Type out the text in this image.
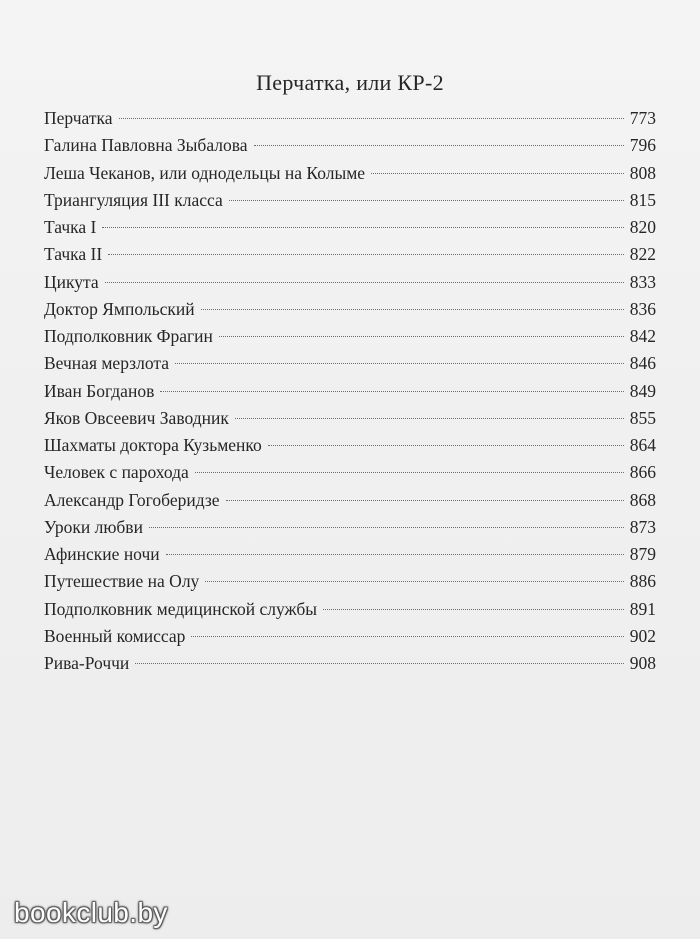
Перчатка, или КР-2
Перчатка	773
Галина Павловна Зыбалова	796
Леша Чеканов, или однодельцы на Колыме	808
Триангуляция III класса	815
Тачка I	820
Тачка II	822
Цикута	833
Доктор Ямпольский	836
Подполковник Фрагин	842
Вечная мерзлота	846
Иван Богданов	849
Яков Овсеевич Заводник	855
Шахматы доктора Кузьменко	864
Человек с парохода	866
Александр Гогоберидзе	868
Уроки любви	873
Афинские ночи	879
Путешествие на Олу	886
Подполковник медицинской службы	891
Военный комиссар	902
Рива-Роччи	908
bookclub.by
